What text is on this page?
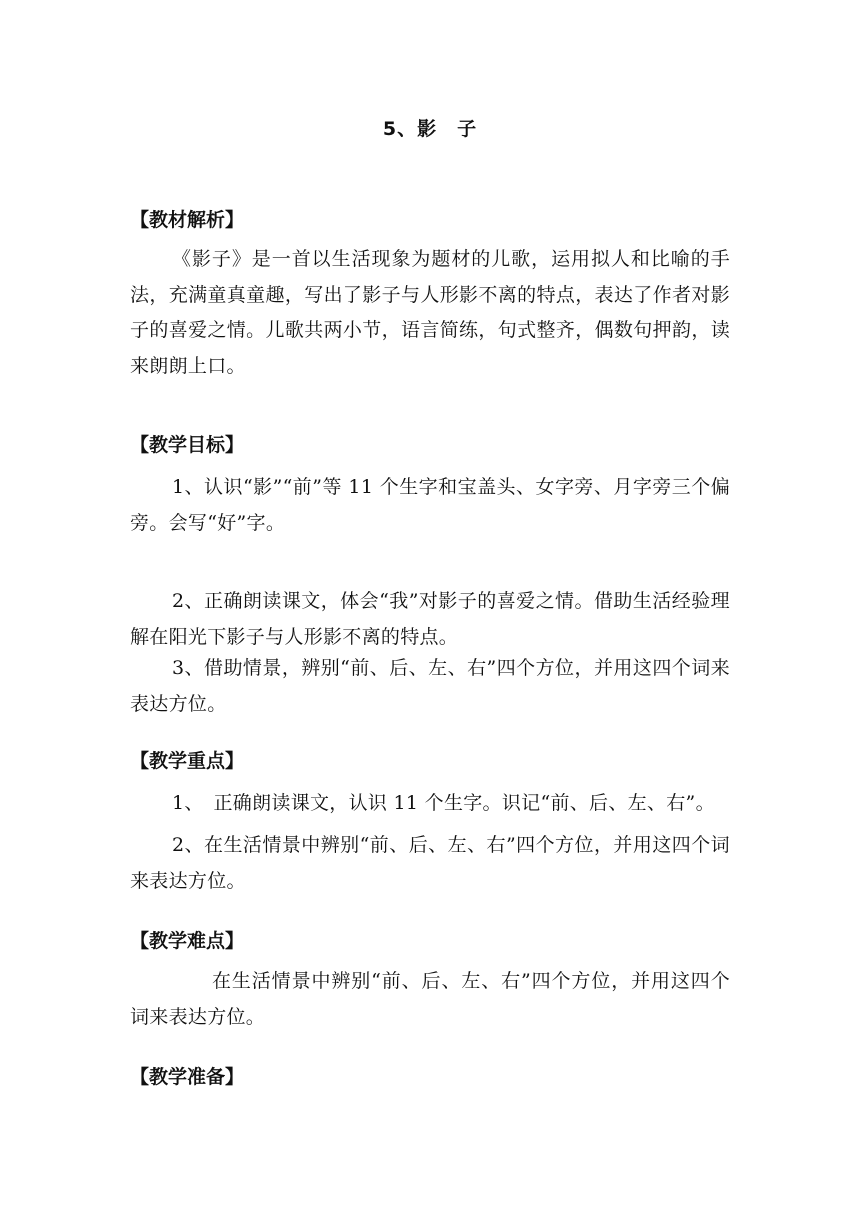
5、影　子
【教材解析】
《影子》是一首以生活现象为题材的儿歌，运用拟人和比喻的手法，充满童真童趣，写出了影子与人形影不离的特点，表达了作者对影子的喜爱之情。儿歌共两小节，语言简练，句式整齐，偶数句押韵，读来朗朗上口。
【教学目标】
1、认识“影”“前”等 11 个生字和宝盖头、女字旁、月字旁三个偏旁。会写“好”字。
2、正确朗读课文，体会“我”对影子的喜爱之情。借助生活经验理解在阳光下影子与人形影不离的特点。
3、借助情景，辨别“前、后、左、右”四个方位，并用这四个词来表达方位。
【教学重点】
1、　正确朗读课文，认识 11 个生字。识记“前、后、左、右”。
2、在生活情景中辨别“前、后、左、右”四个方位，并用这四个词来表达方位。
【教学难点】
在生活情景中辨别“前、后、左、右”四个方位，并用这四个词来表达方位。
【教学准备】
